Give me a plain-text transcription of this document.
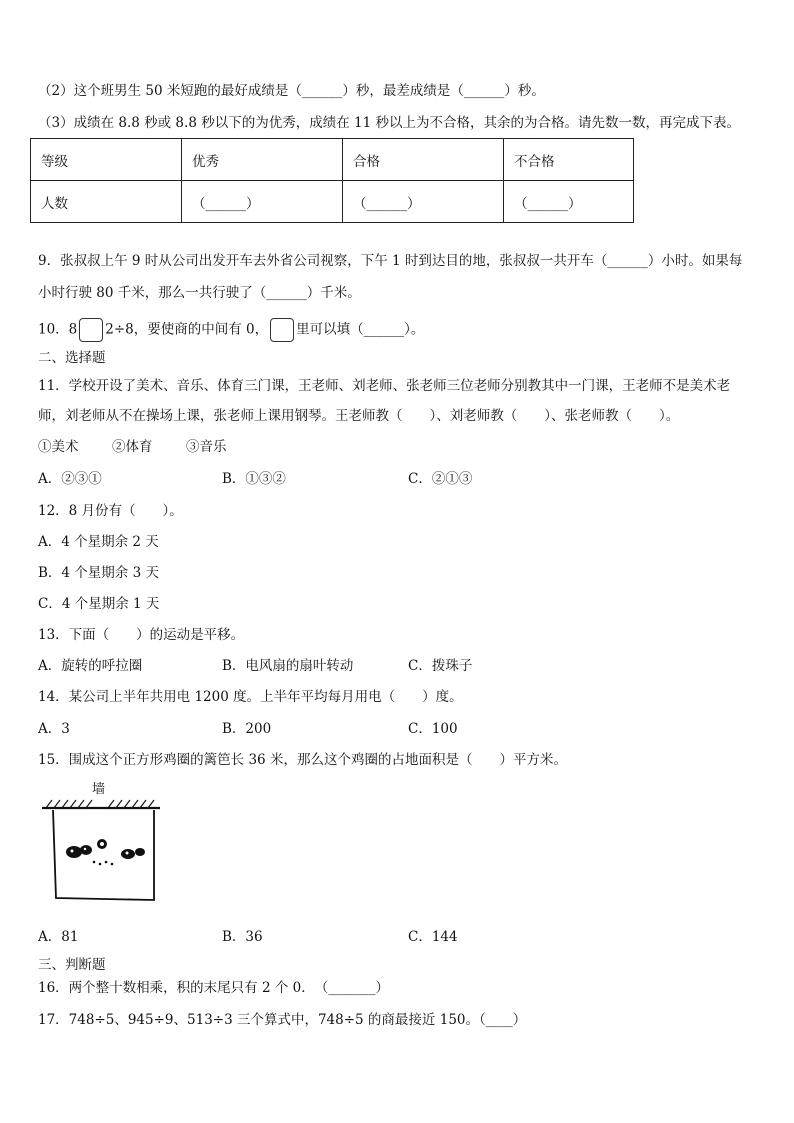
（2）这个班男生 50 米短跑的最好成绩是（______）秒，最差成绩是（______）秒。
（3）成绩在 8.8 秒或 8.8 秒以下的为优秀，成绩在 11 秒以上为不合格，其余的为合格。请先数一数，再完成下表。
等级	优秀	合格	不合格
人数	（______）	（______）	（______）
9．张叔叔上午 9 时从公司出发开车去外省公司视察，下午 1 时到达目的地，张叔叔一共开车（______）小时。如果每
小时行驶 80 千米，那么一共行驶了（______）千米。
10．8 2÷8，要使商的中间有 0， 里可以填（______）。
二、选择题
11．学校开设了美术、音乐、体育三门课，王老师、刘老师、张老师三位老师分别教其中一门课，王老师不是美术老
师，刘老师从不在操场上课，张老师上课用钢琴。王老师教（　　）、刘老师教（　　）、张老师教（　　）。
①美术 ②体育 ③音乐
A．②③①	B．①③②	C．②①③
12．8 月份有（　　）。
A．4 个星期余 2 天
B．4 个星期余 3 天
C．4 个星期余 1 天
13．下面（　　）的运动是平移。
A．旋转的呼拉圈	B．电风扇的扇叶转动	C．拨珠子
14．某公司上半年共用电 1200 度。上半年平均每月用电（　　）度。
A．3	B．200	C．100
15．围成这个正方形鸡圈的篱笆长 36 米，那么这个鸡圈的占地面积是（　　）平方米。
墙
A．81	B．36	C．144
三、判断题
16．两个整十数相乘，积的末尾只有 2 个 0．　（_______）
17．748÷5、945÷9、513÷3 三个算式中，748÷5 的商最接近 150。（____）
